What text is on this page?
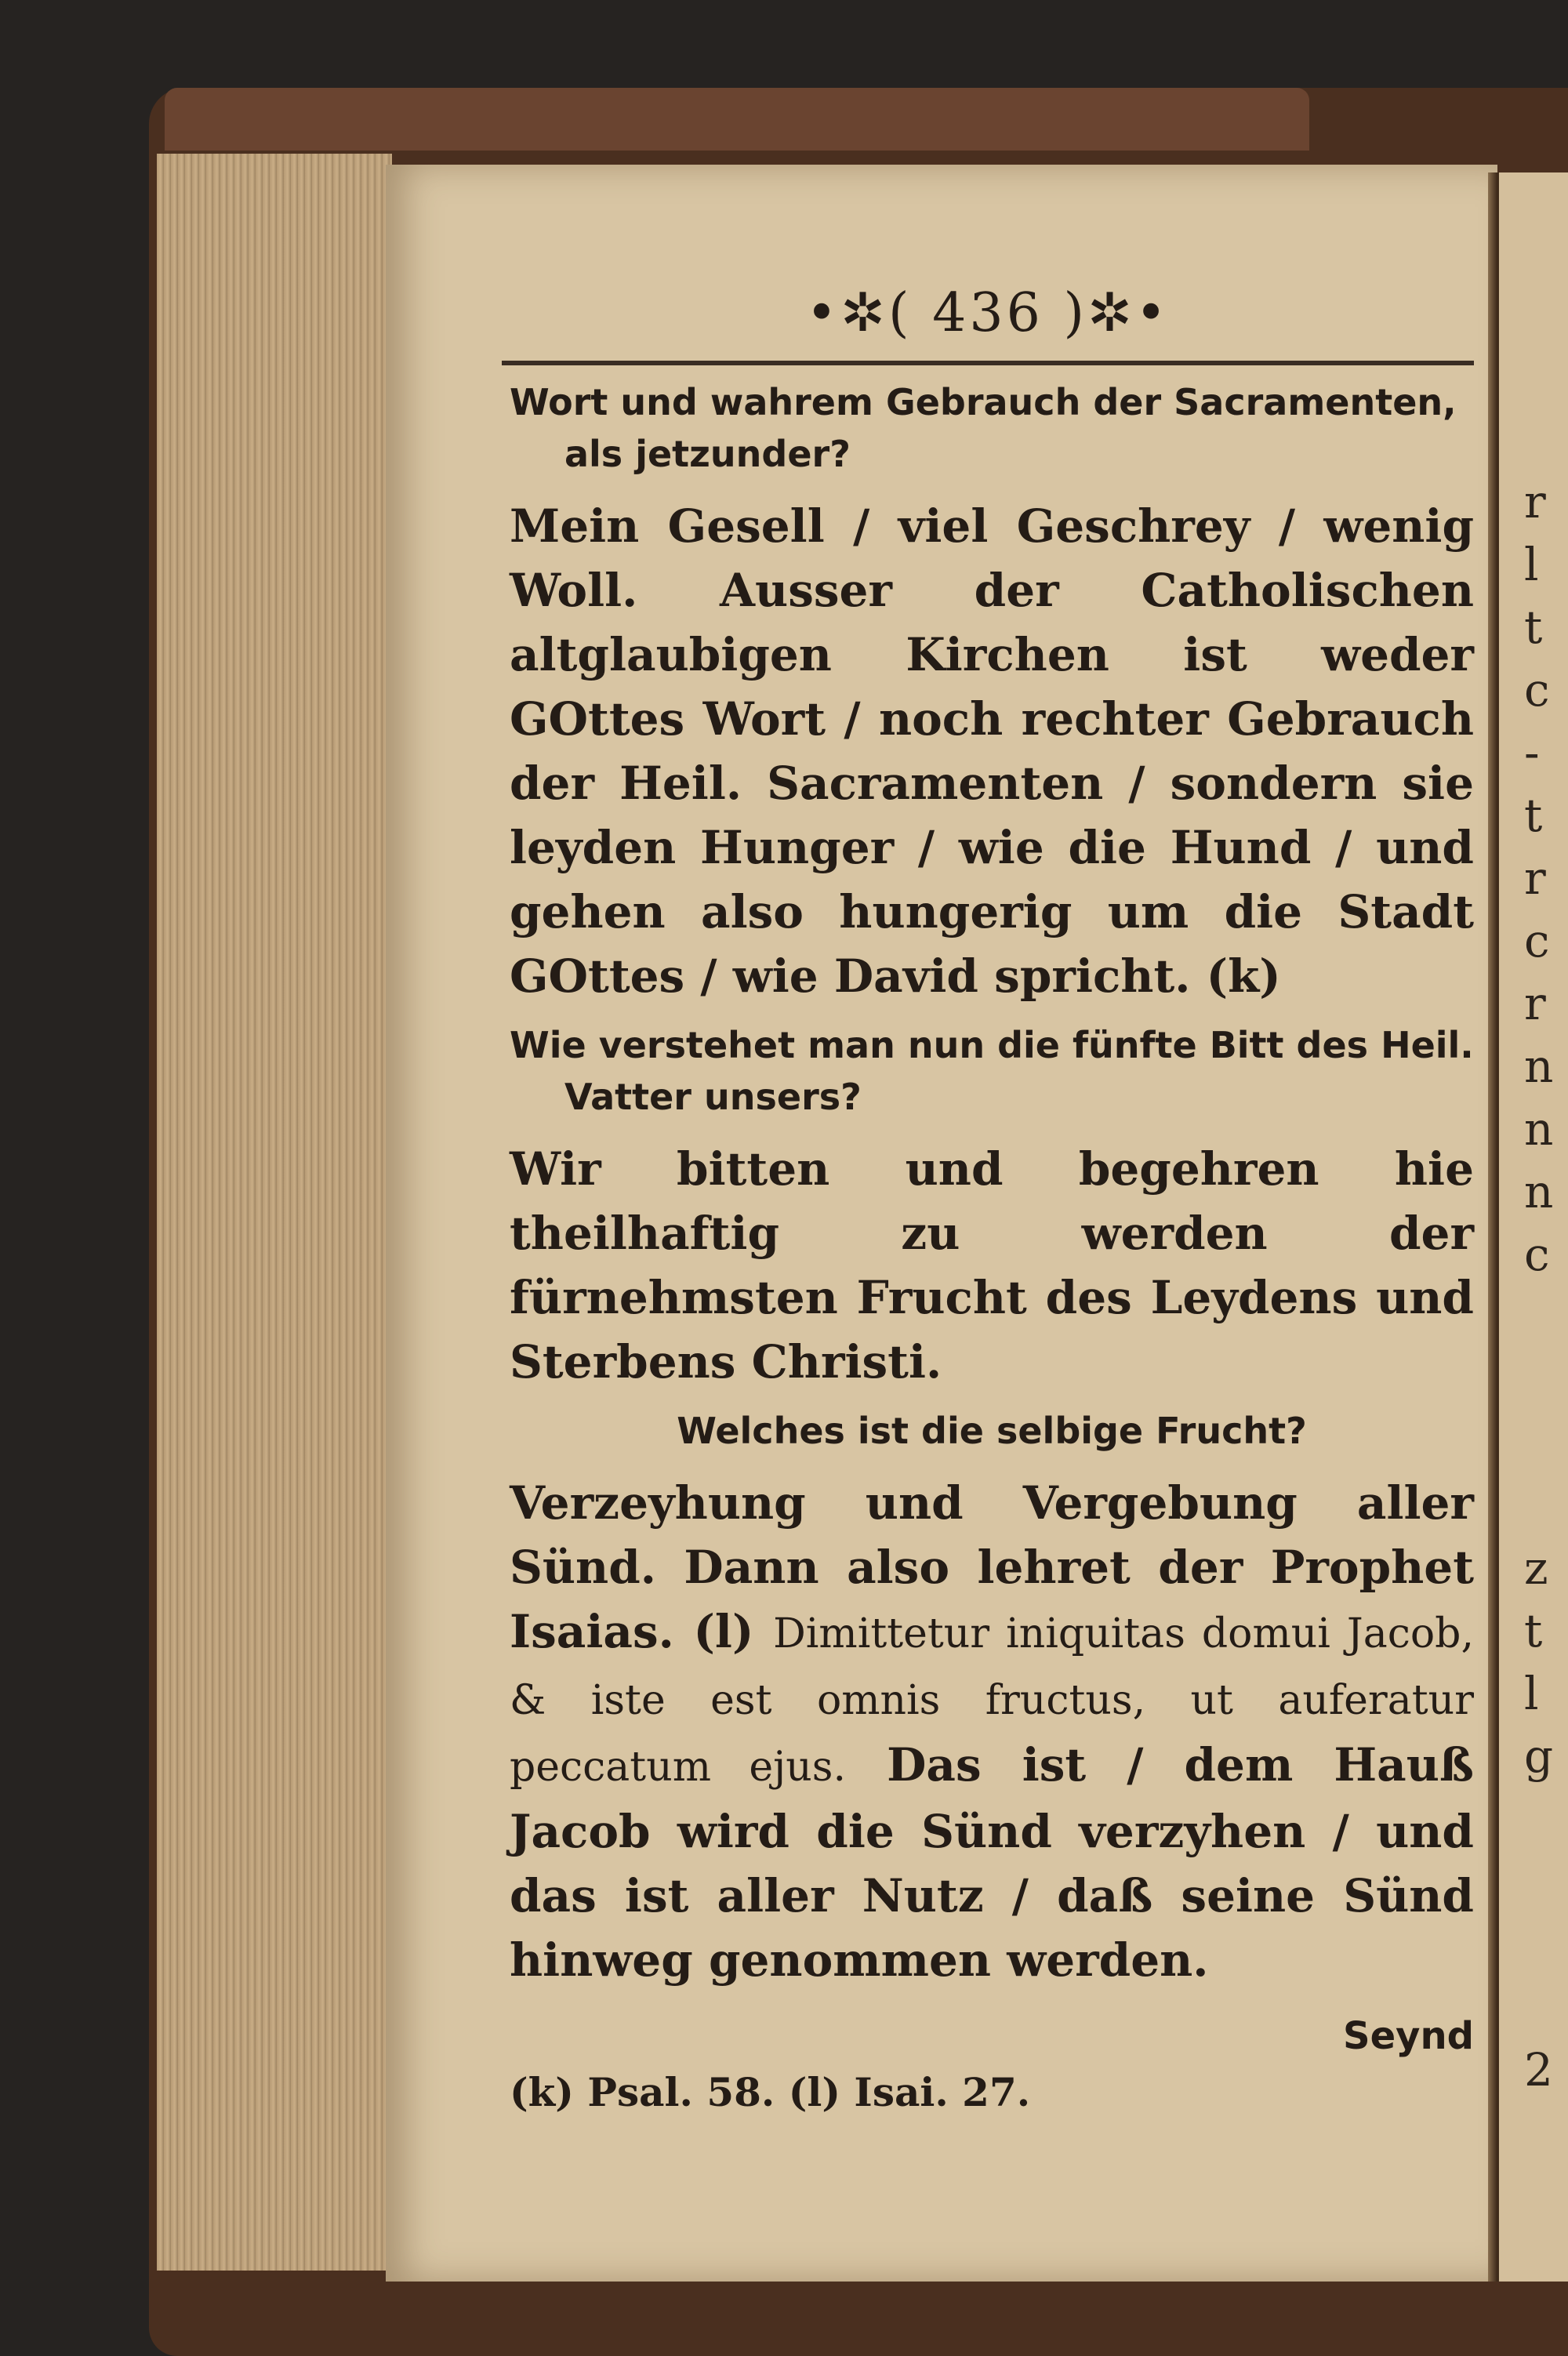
•✲( 436 )✲•

Wort und wahrem Gebrauch der Sacramenten, als jetzunder?

Mein Gesell / viel Geschrey / wenig Woll. Ausser der Catholischen altglaubigen Kirchen ist weder GOttes Wort / noch rechter Gebrauch der Heil. Sacramenten / sondern sie leyden Hunger / wie die Hund / und gehen also hungerig um die Stadt GOttes / wie David spricht. (k)

Wie verstehet man nun die fünfte Bitt des Heil. Vatter unsers?

Wir bitten und begehren hie theilhaftig zu werden der fürnehmsten Frucht des Leydens und Sterbens Christi.

Welches ist die selbige Frucht?

Verzeyhung und Vergebung aller Sünd. Dann also lehret der Prophet Isaias. (l) Dimittetur iniquitas domui Jacob, & iste est omnis fructus, ut auferatur peccatum ejus. Das ist / dem Hauß Jacob wird die Sünd verzyhen / und das ist aller Nutz / daß seine Sünd hinweg genommen werden.

Seynd
(k) Psal. 58. (l) Isai. 27.
r
l
t
c
-
t
r
c
r
n
n
n
c

z
t
l
g

2
